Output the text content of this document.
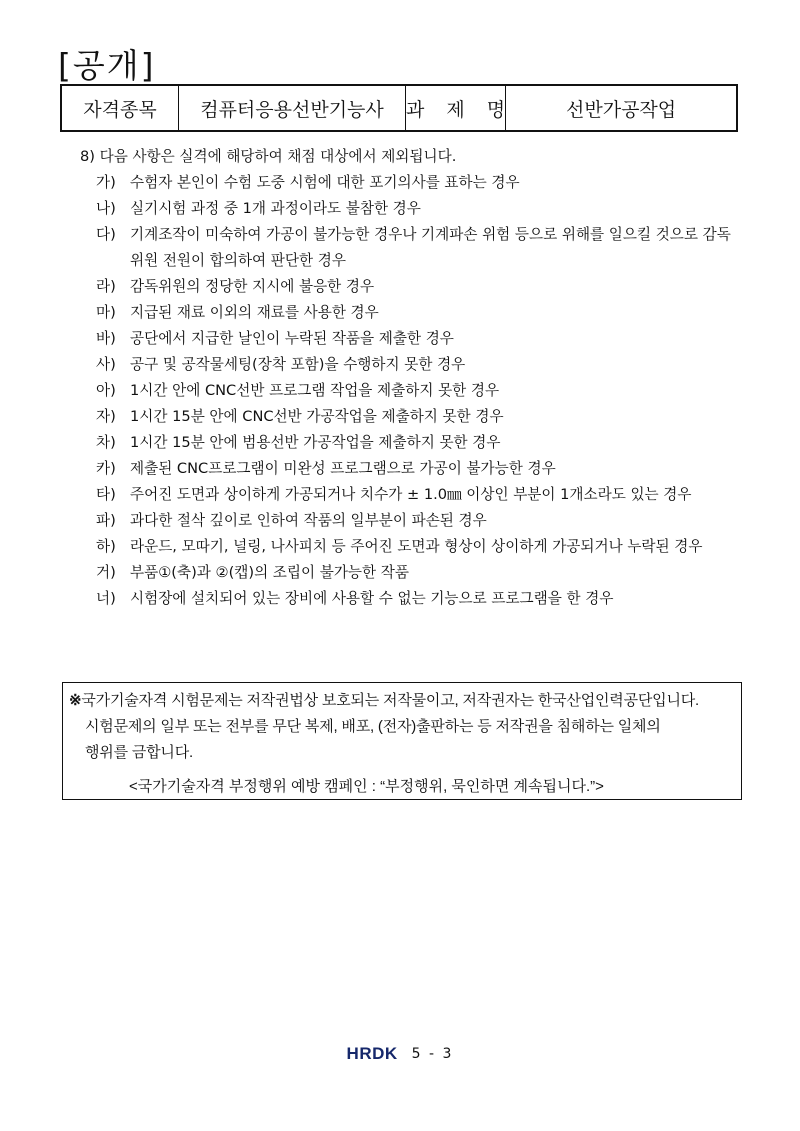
[공개]
자격종목	컴퓨터응용선반기능사	과 제 명	선반가공작업
8) 다음 사항은 실격에 해당하여 채점 대상에서 제외됩니다.
가) 수험자 본인이 수험 도중 시험에 대한 포기의사를 표하는 경우
나) 실기시험 과정 중 1개 과정이라도 불참한 경우
다) 기계조작이 미숙하여 가공이 불가능한 경우나 기계파손 위험 등으로 위해를 일으킬 것으로 감독위원 전원이 합의하여 판단한 경우
라) 감독위원의 정당한 지시에 불응한 경우
마) 지급된 재료 이외의 재료를 사용한 경우
바) 공단에서 지급한 날인이 누락된 작품을 제출한 경우
사) 공구 및 공작물세팅(장착 포함)을 수행하지 못한 경우
아) 1시간 안에 CNC선반 프로그램 작업을 제출하지 못한 경우
자) 1시간 15분 안에 CNC선반 가공작업을 제출하지 못한 경우
차) 1시간 15분 안에 범용선반 가공작업을 제출하지 못한 경우
카) 제출된 CNC프로그램이 미완성 프로그램으로 가공이 불가능한 경우
타) 주어진 도면과 상이하게 가공되거나 치수가 ± 1.0㎜ 이상인 부분이 1개소라도 있는 경우
파) 과다한 절삭 깊이로 인하여 작품의 일부분이 파손된 경우
하) 라운드, 모따기, 널링, 나사피치 등 주어진 도면과 형상이 상이하게 가공되거나 누락된 경우
거) 부품①(축)과 ②(캡)의 조립이 불가능한 작품
너) 시험장에 설치되어 있는 장비에 사용할 수 없는 기능으로 프로그램을 한 경우
※국가기술자격 시험문제는 저작권법상 보호되는 저작물이고, 저작권자는 한국산업인력공단입니다.
시험문제의 일부 또는 전부를 무단 복제, 배포, (전자)출판하는 등 저작권을 침해하는 일체의
행위를 금합니다.
<국가기술자격 부정행위 예방 캠페인 : “부정행위, 묵인하면 계속됩니다.”>
HRDK 5 - 3
